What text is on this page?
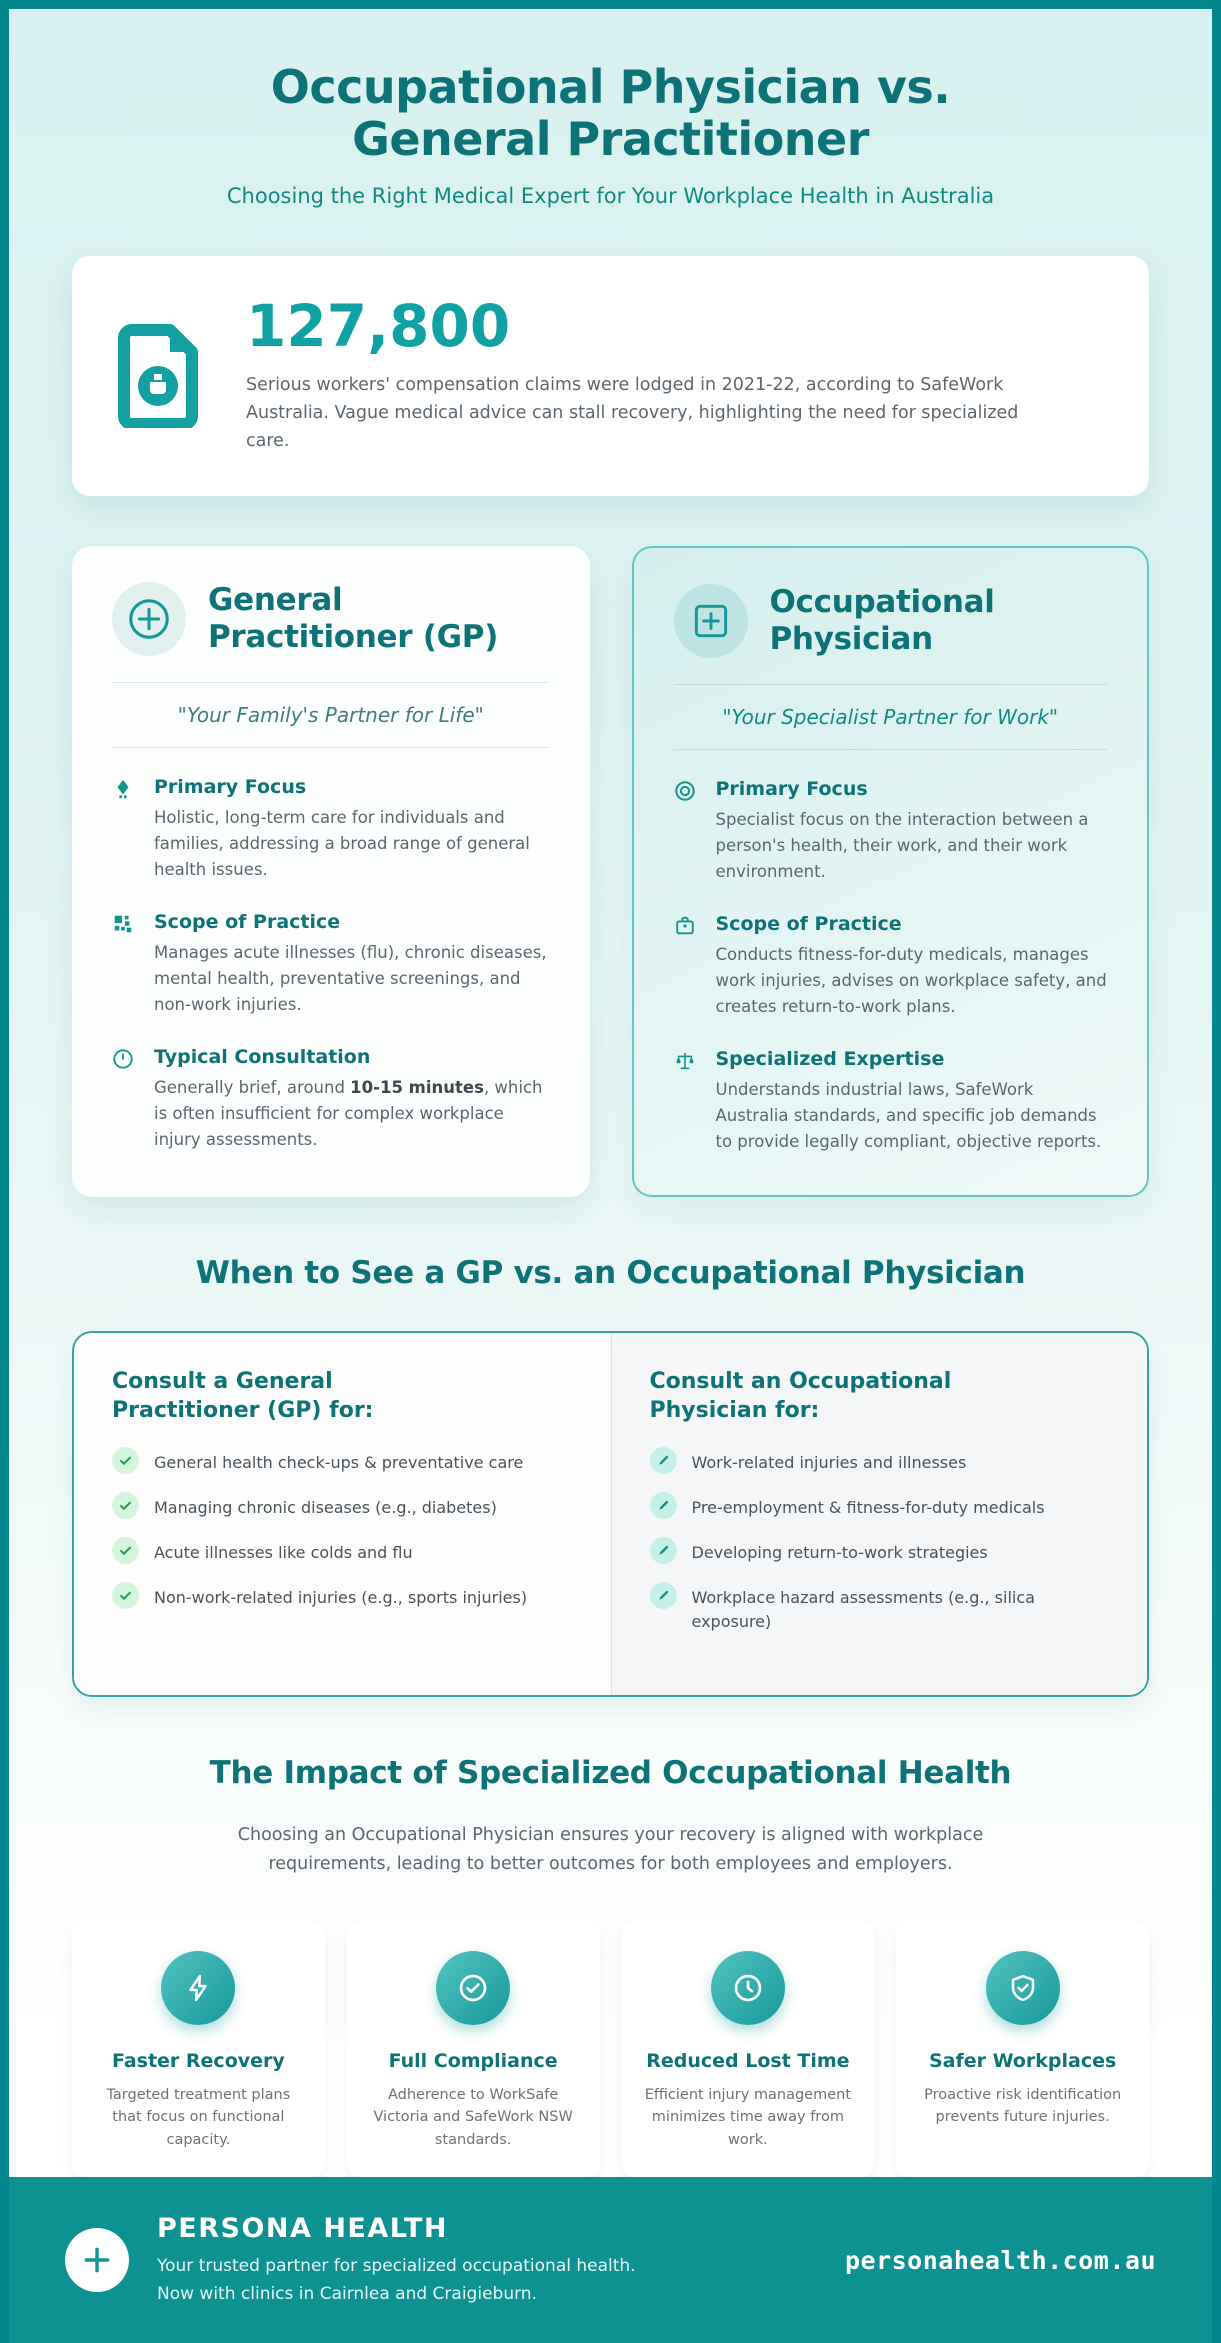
Occupational Physician vs.
General Practitioner
Choosing the Right Medical Expert for Your Workplace Health in Australia
127,800
Serious workers' compensation claims were lodged in 2021-22, according to SafeWork Australia. Vague medical advice can stall recovery, highlighting the need for specialized care.
General Practitioner (GP)
"Your Family's Partner for Life"
Primary Focus
Holistic, long-term care for individuals and families, addressing a broad range of general health issues.
Scope of Practice
Manages acute illnesses (flu), chronic diseases, mental health, preventative screenings, and non-work injuries.
Typical Consultation
Generally brief, around 10-15 minutes, which is often insufficient for complex workplace injury assessments.
Occupational Physician
"Your Specialist Partner for Work"
Primary Focus
Specialist focus on the interaction between a person's health, their work, and their work environment.
Scope of Practice
Conducts fitness-for-duty medicals, manages work injuries, advises on workplace safety, and creates return-to-work plans.
Specialized Expertise
Understands industrial laws, SafeWork Australia standards, and specific job demands to provide legally compliant, objective reports.
When to See a GP vs. an Occupational Physician
Consult a General Practitioner (GP) for:
General health check-ups & preventative care
Managing chronic diseases (e.g., diabetes)
Acute illnesses like colds and flu
Non-work-related injuries (e.g., sports injuries)
Consult an Occupational Physician for:
Work-related injuries and illnesses
Pre-employment & fitness-for-duty medicals
Developing return-to-work strategies
Workplace hazard assessments (e.g., silica exposure)
The Impact of Specialized Occupational Health

Choosing an Occupational Physician ensures your recovery is aligned with workplace requirements, leading to better outcomes for both employees and employers.

Faster Recovery
Targeted treatment plans that focus on functional capacity.
Full Compliance
Adherence to WorkSafe Victoria and SafeWork NSW standards.
Reduced Lost Time
Efficient injury management minimizes time away from work.
Safer Workplaces
Proactive risk identification prevents future injuries.
PERSONA HEALTH
Your trusted partner for specialized occupational health.
Now with clinics in Cairnlea and Craigieburn.
personahealth.com.au
